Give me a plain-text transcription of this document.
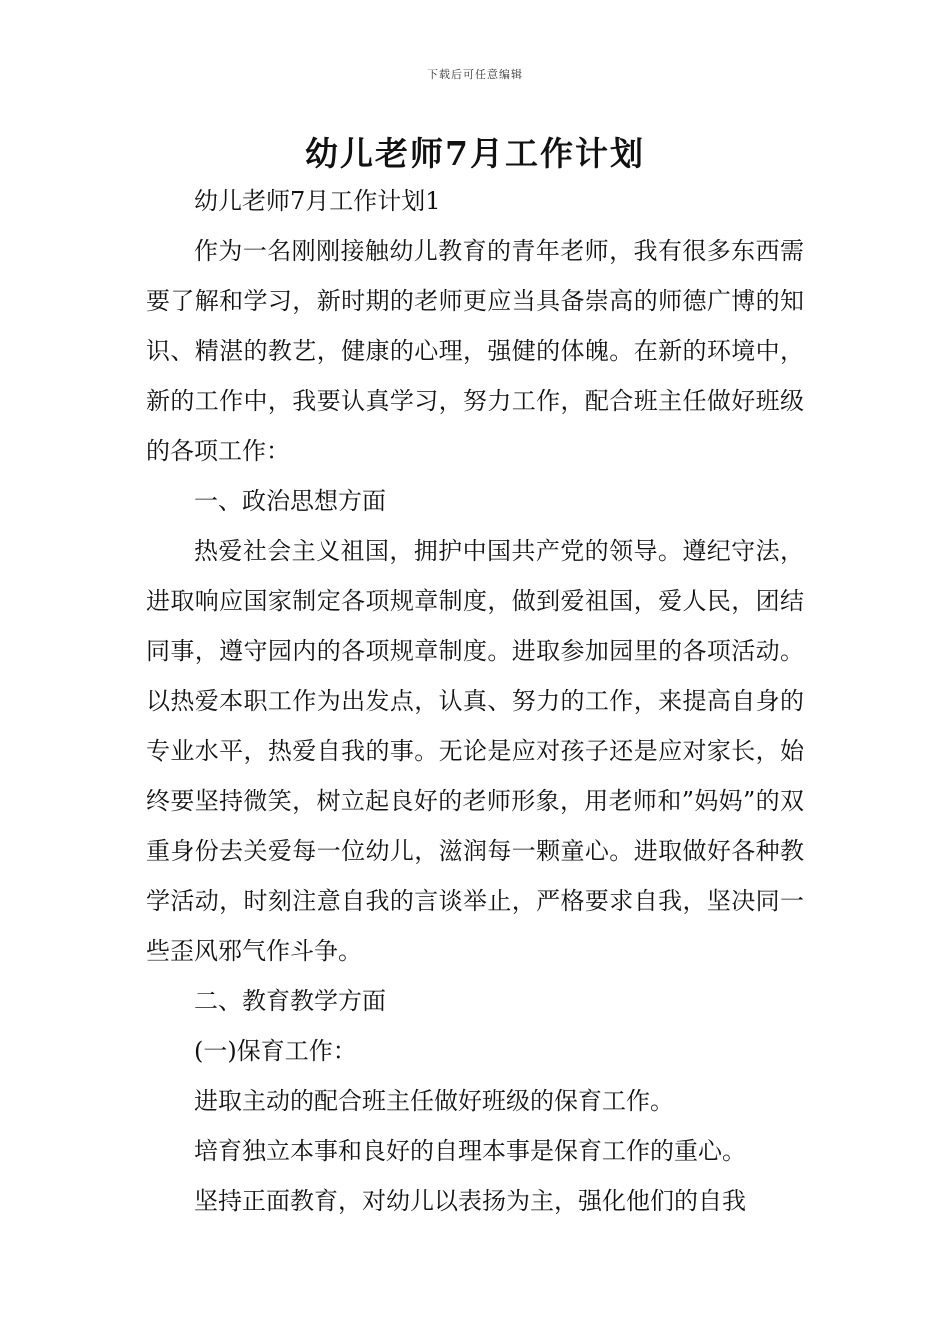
下载后可任意编辑
幼儿老师7月工作计划

幼儿老师7月工作计划1

作为一名刚刚接触幼儿教育的青年老师，我有很多东西需要了解和学习，新时期的老师更应当具备崇高的师德广博的知识、精湛的教艺，健康的心理，强健的体魄。在新的环境中，新的工作中，我要认真学习，努力工作，配合班主任做好班级的各项工作：

一、政治思想方面

热爱社会主义祖国，拥护中国共产党的领导。遵纪守法，进取响应国家制定各项规章制度，做到爱祖国，爱人民，团结同事，遵守园内的各项规章制度。进取参加园里的各项活动。以热爱本职工作为出发点，认真、努力的工作，来提高自身的专业水平，热爱自我的事。无论是应对孩子还是应对家长，始终要坚持微笑，树立起良好的老师形象，用老师和”妈妈”的双重身份去关爱每一位幼儿，滋润每一颗童心。进取做好各种教学活动，时刻注意自我的言谈举止，严格要求自我，坚决同一些歪风邪气作斗争。

二、教育教学方面

(一)保育工作：

进取主动的配合班主任做好班级的保育工作。

培育独立本事和良好的自理本事是保育工作的重心。

坚持正面教育，对幼儿以表扬为主，强化他们的自我
